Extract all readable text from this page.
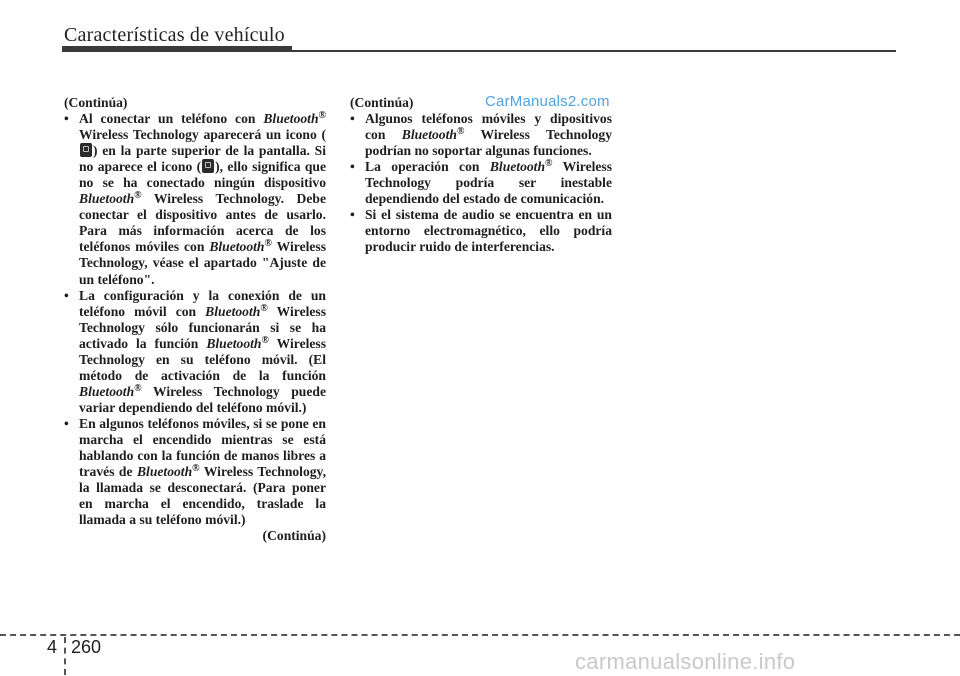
Características de vehículo
CarManuals2.com

(Continúa)

• Al conectar un teléfono con Bluetooth® Wireless Technology aparecerá un icono () en la parte superior de la pantalla. Si no aparece el icono ( ), ello significa que no se ha conectado ningún dispositivo Bluetooth® Wireless Technology. Debe conectar el dispositivo antes de usarlo. Para más información acerca de los teléfonos móviles con Bluetooth® Wireless Technology, véase el apartado "Ajuste de un teléfono".

• La configuración y la conexión de un teléfono móvil con Bluetooth® Wireless Technology sólo funcionarán si se ha activado la función Bluetooth® Wireless Technology en su teléfono móvil. (El método de activación de la función Bluetooth® Wireless Technology puede variar dependiendo del teléfono móvil.)

• En algunos teléfonos móviles, si se pone en marcha el encendido mientras se está hablando con la función de manos libres a través de Bluetooth® Wireless Technology, la llamada se desconectará. (Para poner en marcha el encendido, traslade la llamada a su teléfono móvil.)

(Continúa)

(Continúa)

• Algunos teléfonos móviles y dipositivos con Bluetooth® Wireless Technology podrían no soportar algunas funciones.

• La operación con Bluetooth® Wireless Technology podría ser inestable dependiendo del estado de comunicación.

• Si el sistema de audio se encuentra en un entorno electromagnético, ello podría producir ruido de interferencias.

4 260
carmanualsonline.info
